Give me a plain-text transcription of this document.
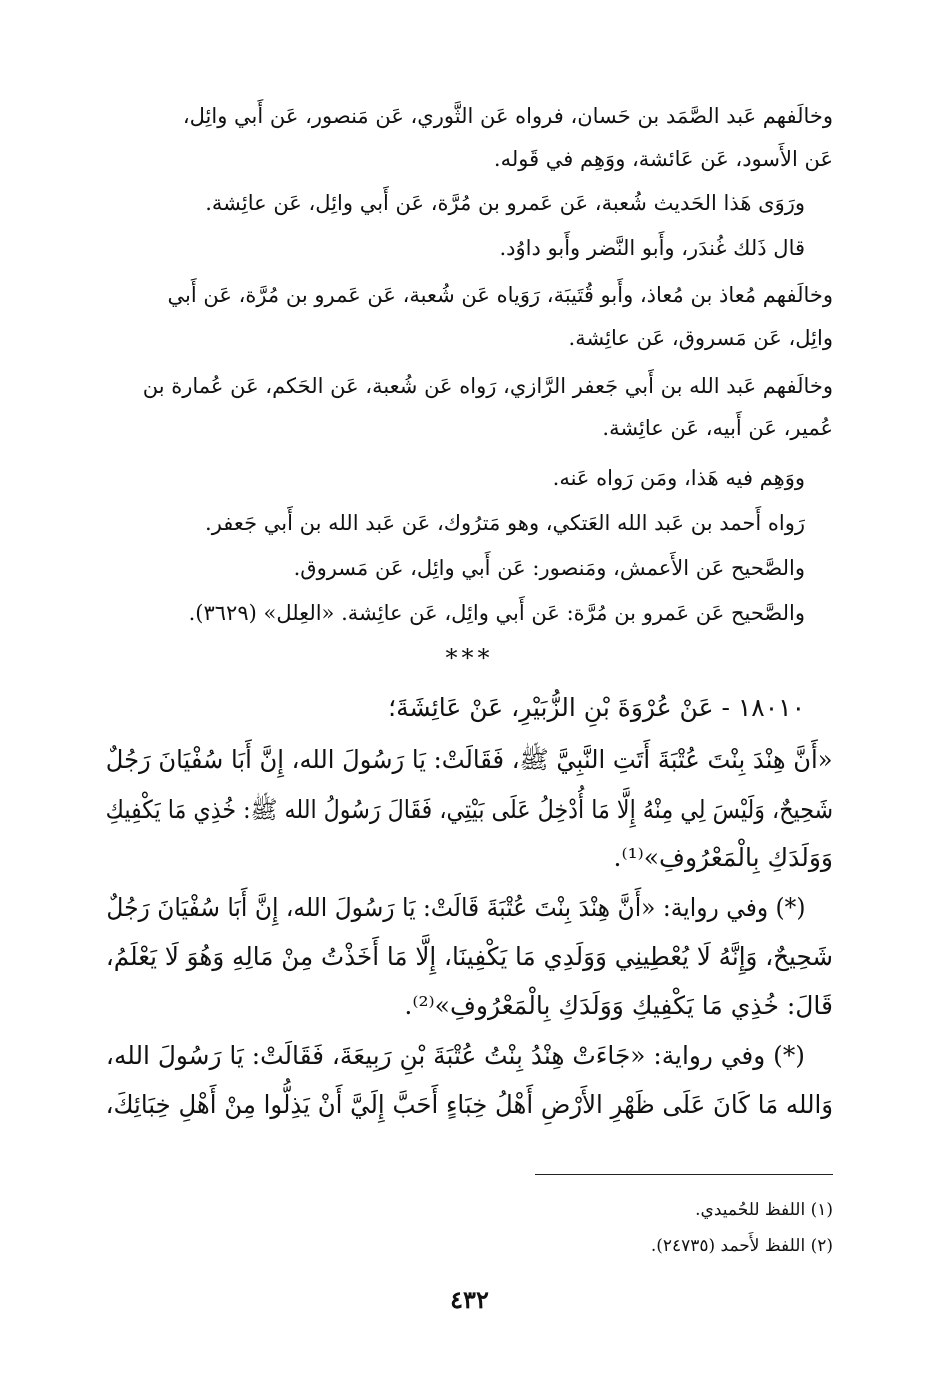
وخالَفهم عَبد الصَّمَد بن حَسان، فرواه عَن الثَّوري، عَن مَنصور، عَن أَبي وائِل،
عَن الأَسود، عَن عَائشة، ووَهِم في قَوله.
ورَوَى هَذا الحَديث شُعبة، عَن عَمرو بن مُرَّة، عَن أَبي وائِل، عَن عائِشة.
قال ذَلك غُندَر، وأَبو النَّضر وأَبو داوُد.
وخالَفهم مُعاذ بن مُعاذ، وأَبو قُتَيبَة، رَوَياه عَن شُعبة، عَن عَمرو بن مُرَّة، عَن أَبي
وائِل، عَن مَسروق، عَن عائِشة.
وخالَفهم عَبد الله بن أَبي جَعفر الرَّازي، رَواه عَن شُعبة، عَن الحَكم، عَن عُمارة بن
عُمير، عَن أَبيه، عَن عائِشة.
ووَهِم فيه هَذا، ومَن رَواه عَنه.
رَواه أَحمد بن عَبد الله العَتكي، وهو مَترُوك، عَن عَبد الله بن أَبي جَعفر.
والصَّحيح عَن الأَعمش، ومَنصور: عَن أَبي وائِل، عَن مَسروق.
والصَّحيح عَن عَمرو بن مُرَّة: عَن أَبي وائِل، عَن عائِشة. «العِلل» (٣٦٢٩).
***
١٨٠١٠ - عَنْ عُرْوَةَ بْنِ الزُّبَيْرِ، عَنْ عَائِشَةَ؛
«أَنَّ هِنْدَ بِنْتَ عُتْبَةَ أَتَتِ النَّبِيَّ ﷺ، فَقَالَتْ: يَا رَسُولَ الله، إِنَّ أَبَا سُفْيَانَ رَجُلٌ
شَحِيحٌ، وَلَيْسَ لِي مِنْهُ إِلَّا مَا أُدْخِلُ عَلَى بَيْتِي، فَقَالَ رَسُولُ الله ﷺ: خُذِي مَا يَكْفِيكِ
وَوَلَدَكِ بِالْمَعْرُوفِ»⁽¹⁾.
(*) وفي رواية: «أَنَّ هِنْدَ بِنْتَ عُتْبَةَ قَالَتْ: يَا رَسُولَ الله، إِنَّ أَبَا سُفْيَانَ رَجُلٌ
شَحِيحٌ، وَإِنَّهُ لَا يُعْطِينِي وَوَلَدِي مَا يَكْفِينَا، إِلَّا مَا أَخَذْتُ مِنْ مَالِهِ وَهُوَ لَا يَعْلَمُ،
قَالَ: خُذِي مَا يَكْفِيكِ وَوَلَدَكِ بِالْمَعْرُوفِ»⁽²⁾.
(*) وفي رواية: «جَاءَتْ هِنْدُ بِنْتُ عُتْبَةَ بْنِ رَبِيعَةَ، فَقَالَتْ: يَا رَسُولَ الله،
وَالله مَا كَانَ عَلَى ظَهْرِ الأَرْضِ أَهْلُ خِبَاءٍ أَحَبَّ إِلَيَّ أَنْ يَذِلُّوا مِنْ أَهْلِ خِبَائِكَ،
(١) اللفظ للحُميدي.
(٢) اللفظ لأَحمد (٢٤٧٣٥).
٤٣٢
